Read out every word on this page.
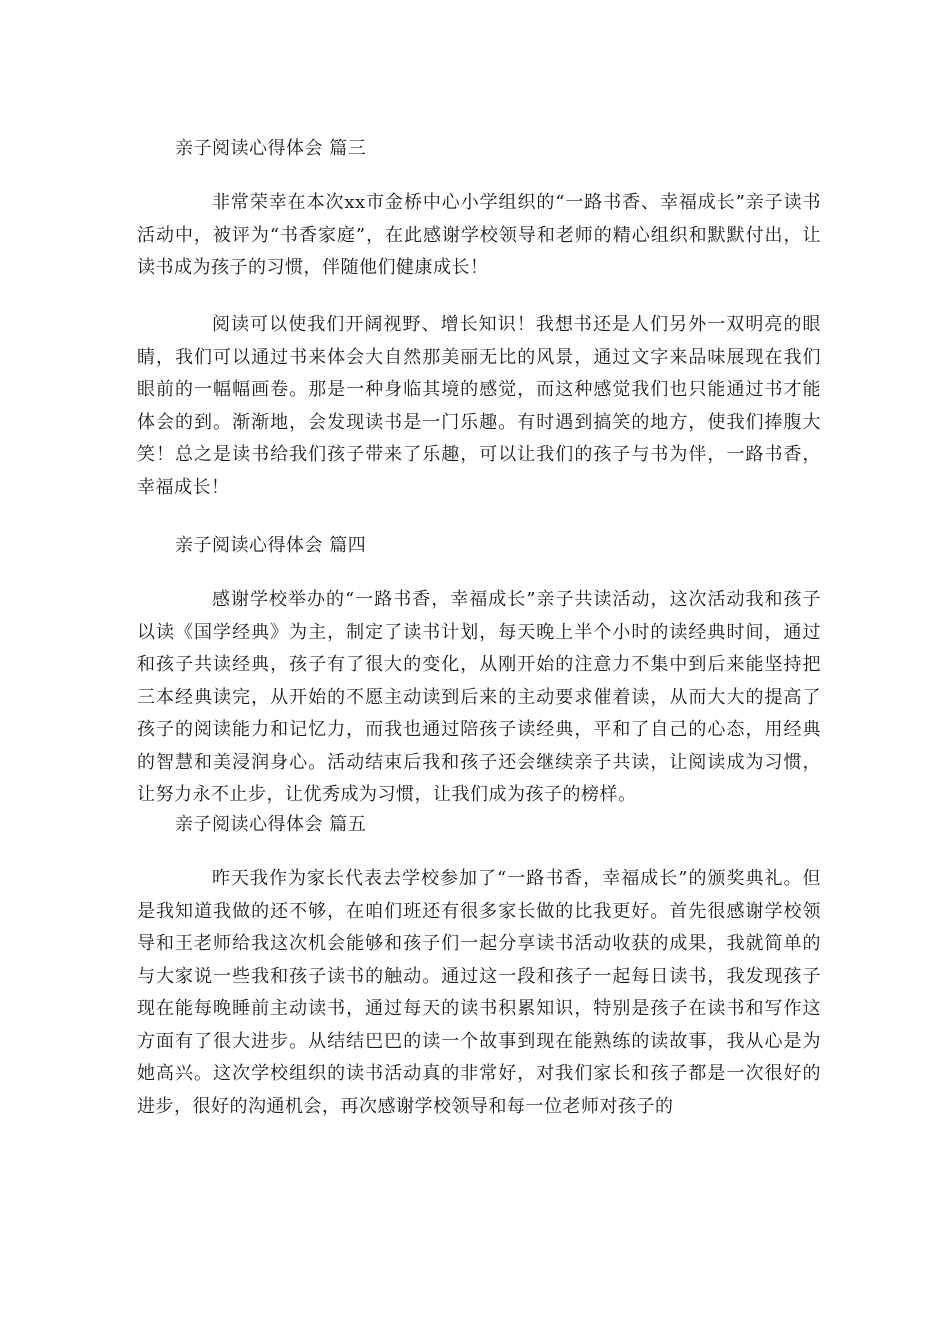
亲子阅读心得体会 篇三

非常荣幸在本次xx市金桥中心小学组织的“一路书香、幸福成长”亲子读书活动中，被评为“书香家庭”，在此感谢学校领导和老师的精心组织和默默付出，让读书成为孩子的习惯，伴随他们健康成长！

阅读可以使我们开阔视野、增长知识！我想书还是人们另外一双明亮的眼睛，我们可以通过书来体会大自然那美丽无比的风景，通过文字来品味展现在我们眼前的一幅幅画卷。那是一种身临其境的感觉，而这种感觉我们也只能通过书才能体会的到。渐渐地，会发现读书是一门乐趣。有时遇到搞笑的地方，使我们捧腹大笑！总之是读书给我们孩子带来了乐趣，可以让我们的孩子与书为伴，一路书香，幸福成长！

亲子阅读心得体会 篇四

感谢学校举办的“一路书香，幸福成长”亲子共读活动，这次活动我和孩子以读《国学经典》为主，制定了读书计划，每天晚上半个小时的读经典时间，通过和孩子共读经典，孩子有了很大的变化，从刚开始的注意力不集中到后来能坚持把三本经典读完，从开始的不愿主动读到后来的主动要求催着读，从而大大的提高了孩子的阅读能力和记忆力，而我也通过陪孩子读经典，平和了自己的心态，用经典的智慧和美浸润身心。活动结束后我和孩子还会继续亲子共读，让阅读成为习惯，让努力永不止步，让优秀成为习惯，让我们成为孩子的榜样。

亲子阅读心得体会 篇五

昨天我作为家长代表去学校参加了“一路书香，幸福成长”的颁奖典礼。但是我知道我做的还不够，在咱们班还有很多家长做的比我更好。首先很感谢学校领导和王老师给我这次机会能够和孩子们一起分享读书活动收获的成果，我就简单的与大家说一些我和孩子读书的触动。通过这一段和孩子一起每日读书，我发现孩子现在能每晚睡前主动读书，通过每天的读书积累知识，特别是孩子在读书和写作这方面有了很大进步。从结结巴巴的读一个故事到现在能熟练的读故事，我从心是为她高兴。这次学校组织的读书活动真的非常好，对我们家长和孩子都是一次很好的进步，很好的沟通机会，再次感谢学校领导和每一位老师对孩子的
